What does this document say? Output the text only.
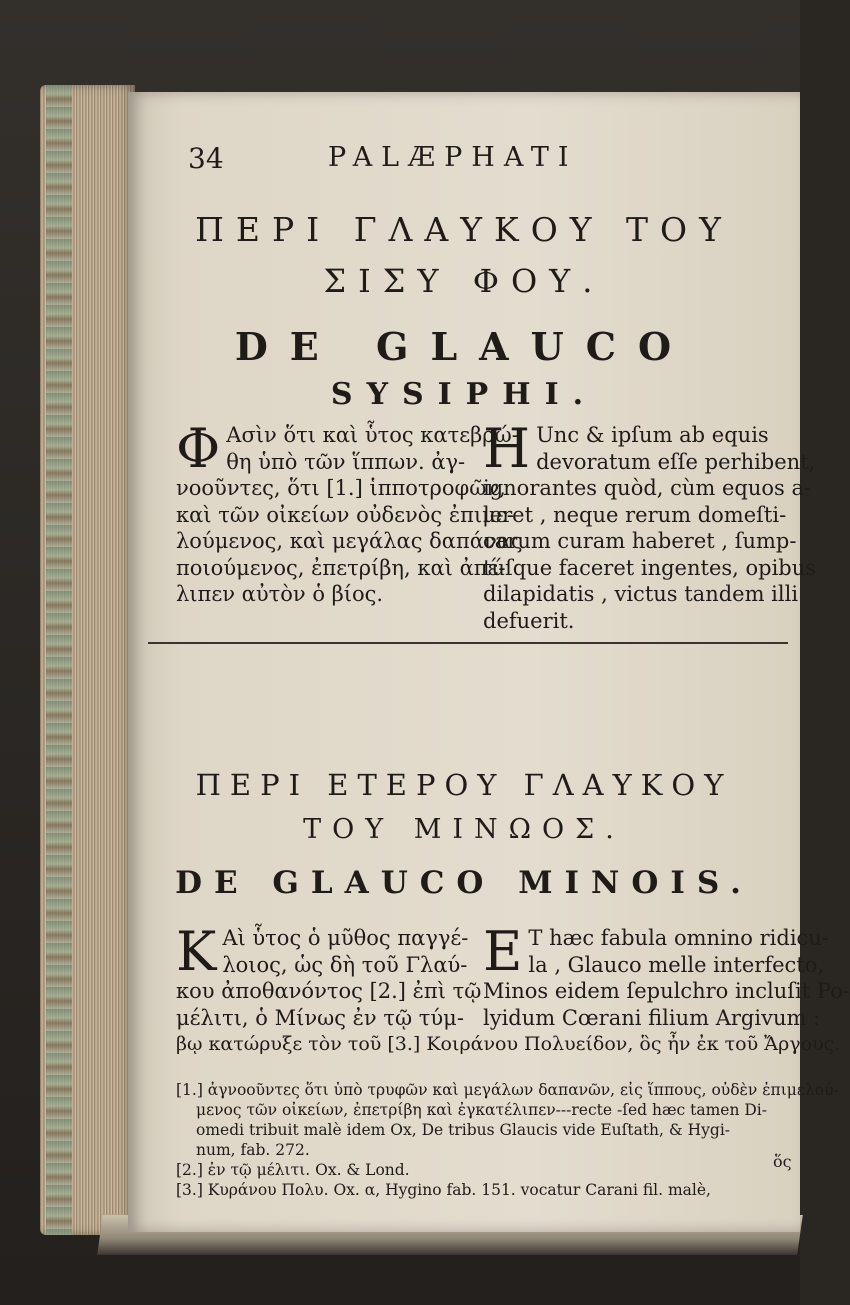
34	PALÆPHATI
ΠΕΡΙ ΓΛΑΥΚΟΥ ΤΟΥ
ΣΙΣΥ ΦΟΥ.
DE GLAUCO
SYSIPHI.
Φ Ασὶν ὅτι καὶ ὗτος κατεβρώ-
θη ὑπὸ τῶν ἵππων. ἀγ-
νοοῦντες, ὅτι [1.] ἱπποτροφῶν,
καὶ τῶν οἰκείων οὐδενὸς ἐπιμε-
λούμενος, καὶ μεγάλας δαπάνας
ποιούμενος, ἐπετρίβη, καὶ ἀπέ-
λιπεν αὐτὸν ὁ βίος.
H Unc & ipſum ab equis
devoratum eſſe perhibent,
ignorantes quòd, cùm equos a-
leret , neque rerum domeſti-
carum curam haberet , ſump-
túſque faceret ingentes, opibus
dilapidatis , victus tandem illi
defuerit.
ΠΕΡΙ ΕΤΕΡΟΥ ΓΛΑΥΚΟΥ
ΤΟΥ ΜΙΝΩΟΣ.
DE GLAUCO MINOIS.
Κ Αὶ ὗτος ὁ μῦθος παγγέ-
λοιος, ὡς δὴ τοῦ Γλαύ-
κου ἀποθανόντος [2.] ἐπὶ τῷ
μέλιτι, ὁ Μίνως ἐν τῷ τύμ-
E T hæc fabula omnino ridicu-
la , Glauco melle interfecto,
Minos eidem ſepulchro incluſit Po-
lyidum Cœrani filium Argivum :
βῳ κατώρυξε τὸν τοῦ [3.] Κοιράνου Πολυείδον, ὃς ἦν ἐκ τοῦ Ἄργους.
[1.] ἀγνοοῦντες ὅτι ὑπὸ τρυφῶν καὶ μεγάλων δαπανῶν, εἰς ἵππους, οὐδὲν ἐπιμελού-
μενος τῶν οἰκείων, ἐπετρίβη καὶ ἐγκατέλιπεν---recte -ſed hæc tamen Di-
omedi tribuit malè idem Ox, De tribus Glaucis vide Euſtath, & Hygi-
num, fab. 272.
[2.] ἐν τῷ μέλιτι. Ox. & Lond.
[3.] Κυράνου Πολυ. Ox. α, Hygino fab. 151. vocatur Carani fil. malè,
ὅς
